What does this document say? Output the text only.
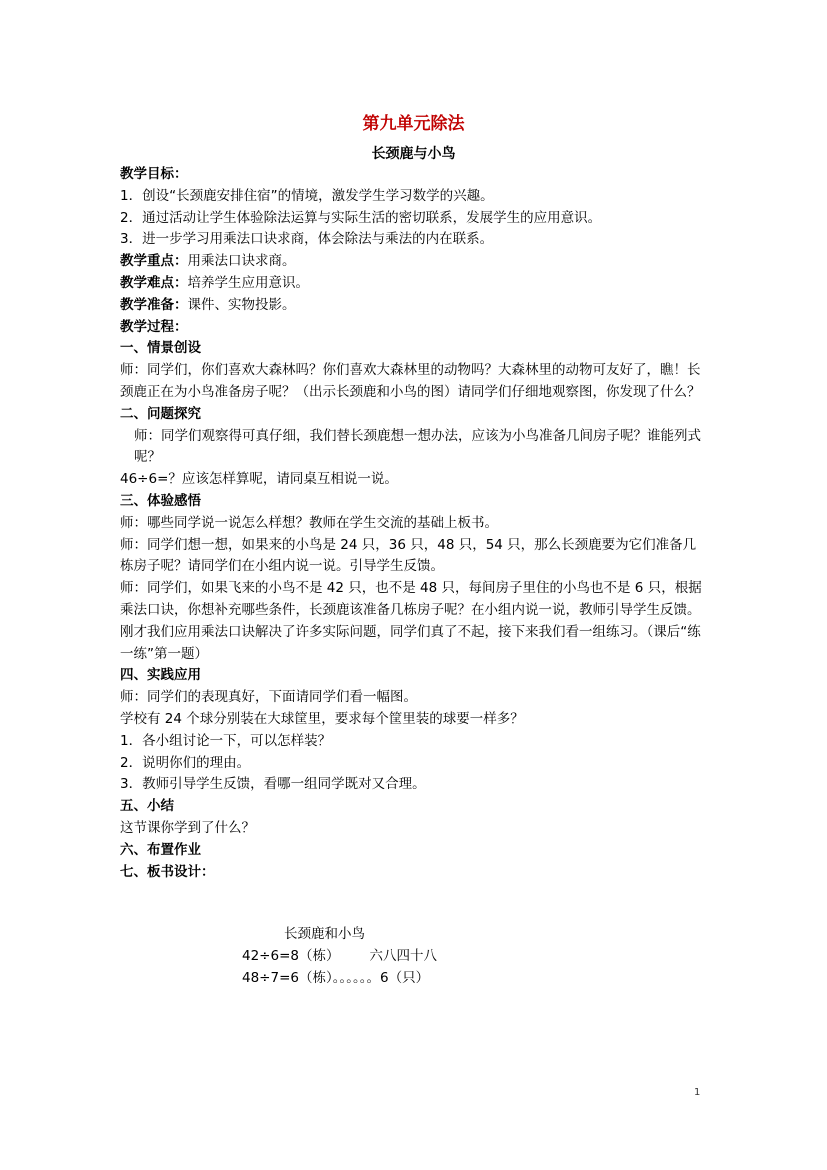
第九单元除法
长颈鹿与小鸟

教学目标：

1．创设“长颈鹿安排住宿”的情境，激发学生学习数学的兴趣。

2．通过活动让学生体验除法运算与实际生活的密切联系，发展学生的应用意识。

3．进一步学习用乘法口诀求商，体会除法与乘法的内在联系。

教学重点：用乘法口诀求商。

教学难点：培养学生应用意识。

教学准备：课件、实物投影。

教学过程：

一、情景创设

师：同学们，你们喜欢大森林吗？你们喜欢大森林里的动物吗？大森林里的动物可友好了，瞧！长颈鹿正在为小鸟准备房子呢？（出示长颈鹿和小鸟的图）请同学们仔细地观察图，你发现了什么？

二、问题探究

师：同学们观察得可真仔细，我们替长颈鹿想一想办法，应该为小鸟准备几间房子呢？谁能列式呢？

46÷6=？应该怎样算呢，请同桌互相说一说。

三、体验感悟

师：哪些同学说一说怎么样想？教师在学生交流的基础上板书。

师：同学们想一想，如果来的小鸟是 24 只，36 只，48 只，54 只，那么长颈鹿要为它们准备几栋房子呢？请同学们在小组内说一说。引导学生反馈。

师：同学们，如果飞来的小鸟不是 42 只，也不是 48 只，每间房子里住的小鸟也不是 6 只，根据乘法口诀，你想补充哪些条件，长颈鹿该准备几栋房子呢？在小组内说一说，教师引导学生反馈。

刚才我们应用乘法口诀解决了许多实际问题，同学们真了不起，接下来我们看一组练习。（课后“练一练”第一题）

四、实践应用

师：同学们的表现真好，下面请同学们看一幅图。

学校有 24 个球分别装在大球筐里，要求每个筐里装的球要一样多？

1．各小组讨论一下，可以怎样装？

2．说明你们的理由。

3．教师引导学生反馈，看哪一组同学既对又合理。

五、小结

这节课你学到了什么？

六、布置作业

七、板书设计：

长颈鹿和小鸟
42÷6=8（栋）       六八四十八
48÷7=6（栋）。。。。。。6（只）
1
